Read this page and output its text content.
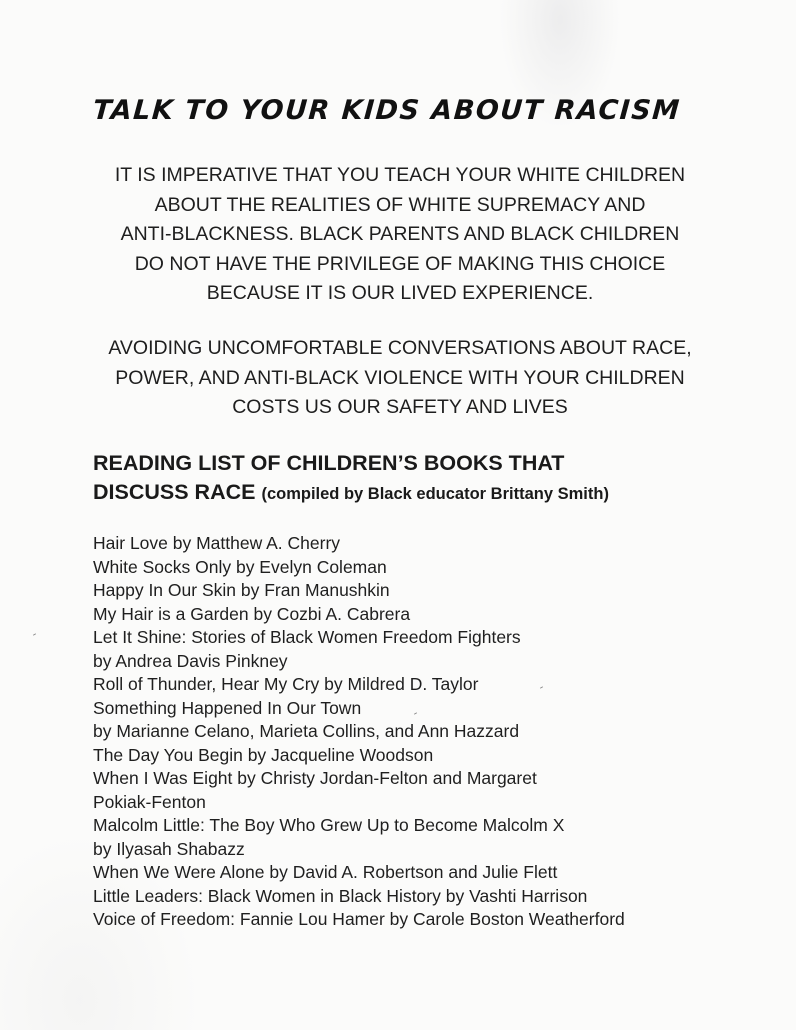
TALK TO YOUR KIDS ABOUT RACISM
IT IS IMPERATIVE THAT YOU TEACH YOUR WHITE CHILDREN
ABOUT THE REALITIES OF WHITE SUPREMACY AND
ANTI-BLACKNESS. BLACK PARENTS AND BLACK CHILDREN
DO NOT HAVE THE PRIVILEGE OF MAKING THIS CHOICE
BECAUSE IT IS OUR LIVED EXPERIENCE.
AVOIDING UNCOMFORTABLE CONVERSATIONS ABOUT RACE,
POWER, AND ANTI-BLACK VIOLENCE WITH YOUR CHILDREN
COSTS US OUR SAFETY AND LIVES
READING LIST OF CHILDREN’S BOOKS THAT
DISCUSS RACE (compiled by Black educator Brittany Smith)
Hair Love by Matthew A. Cherry
White Socks Only by Evelyn Coleman
Happy In Our Skin by Fran Manushkin
My Hair is a Garden by Cozbi A. Cabrera
Let It Shine: Stories of Black Women Freedom Fighters
by Andrea Davis Pinkney
Roll of Thunder, Hear My Cry by Mildred D. Taylor
Something Happened In Our Town
by Marianne Celano, Marieta Collins, and Ann Hazzard
The Day You Begin by Jacqueline Woodson
When I Was Eight by Christy Jordan-Felton and Margaret
Pokiak-Fenton
Malcolm Little: The Boy Who Grew Up to Become Malcolm X
by Ilyasah Shabazz
When We Were Alone by David A. Robertson and Julie Flett
Little Leaders: Black Women in Black History by Vashti Harrison
Voice of Freedom: Fannie Lou Hamer by Carole Boston Weatherford
